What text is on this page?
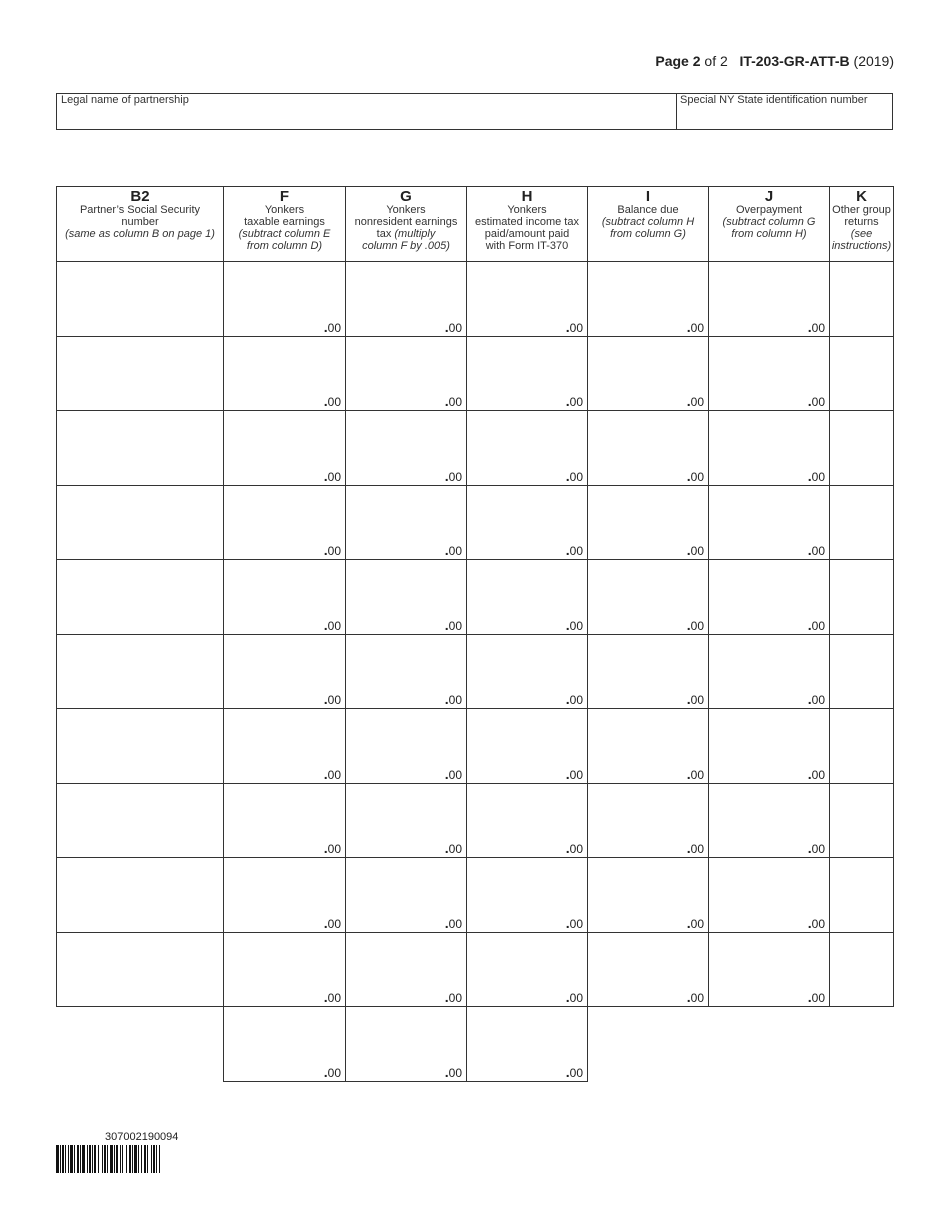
Page 2 of 2 IT-203-GR-ATT-B (2019)
Legal name of partnership	Special NY State identification number
B2
Partner’s Social Security
number
(same as column B on page 1)	F
Yonkers
taxable earnings
(subtract column E
from column D)	G
Yonkers
nonresident earnings
tax (multiply
column F by .005)	H
Yonkers
estimated income tax
paid/amount paid
with Form IT-370	I
Balance due
(subtract column H
from column G)	J
Overpayment
(subtract column G
from column H)	K
Other group
returns
(see
instructions)
	.00	.00	.00	.00	.00	
	.00	.00	.00	.00	.00	
	.00	.00	.00	.00	.00	
	.00	.00	.00	.00	.00	
	.00	.00	.00	.00	.00	
	.00	.00	.00	.00	.00	
	.00	.00	.00	.00	.00	
	.00	.00	.00	.00	.00	
	.00	.00	.00	.00	.00	
	.00	.00	.00	.00	.00	
	.00	.00	.00			
307002190094
